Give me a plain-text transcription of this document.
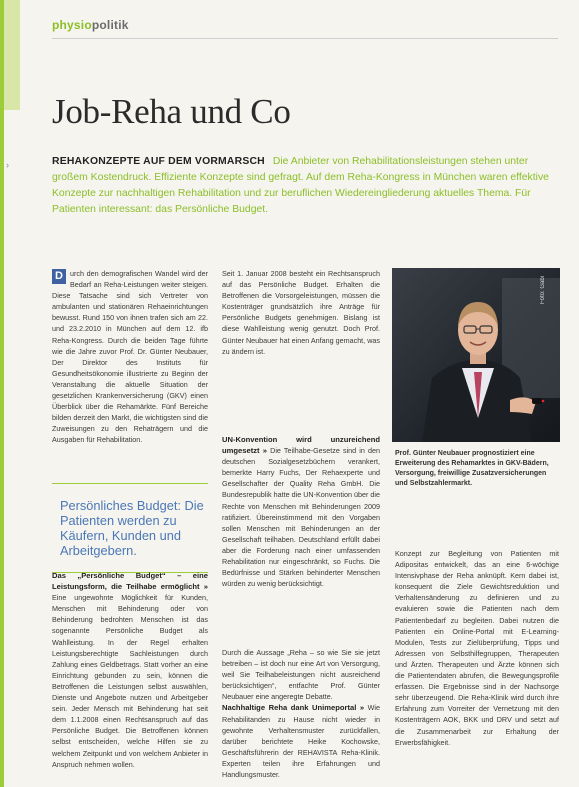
›
physiopolitik
Job-Reha und Co

REHAKONZEPTE AUF DEM VORMARSCH Die Anbieter von Rehabilitationsleistungen stehen unter großem Kostendruck. Effiziente Konzepte sind gefragt. Auf dem Reha-Kongress in München waren effektive Konzepte zur nachhaltigen Rehabilitation und zur beruflichen Wiedereingliederung aktuelles Thema. Für Patienten interessant: das Persönliche Budget.

D urch den demografischen Wandel wird der Bedarf an Reha-Leistungen weiter steigen. Diese Tatsache sind sich Vertreter von ambulanten und stationären Rehaeinrichtungen bewusst. Rund 150 von ihnen trafen sich am 22. und 23.2.2010 in München auf dem 12. ifb Reha-Kongress. Durch die beiden Tage führte wie die Jahre zuvor Prof. Dr. Günter Neubauer, Der Direktor des Instituts für Gesundheitsökonomie illustrierte zu Beginn der Veranstaltung die aktuelle Situation der gesetzlichen Krankenversicherung (GKV) einen Überblick über die Rehamärkte. Fünf Bereiche bilden derzeit den Markt, die wichtigsten sind die Zuweisungen zu den Rehaträgern und die Ausgaben für Rehabilitation.

Persönliches Budget: Die Patienten werden zu Käufern, Kunden und Arbeitgebern.

Das „Persönliche Budget“ – eine Leistungsform, die Teilhabe ermöglicht » Eine ungewohnte Möglichkeit für Kunden, Menschen mit Behinderung oder von Behinderung bedrohten Menschen ist das sogenannte Persönliche Budget als Wahlleistung. In der Regel erhalten Leistungsberechtigte Sachleistungen durch Zahlung eines Geldbetrags. Statt vorher an eine Einrichtung gebunden zu sein, können die Betroffenen die Leistungen selbst auswählen, Dienste und Angebote nutzen und Arbeitgeber sein. Jeder Mensch mit Behinderung hat seit dem 1.1.2008 einen Rechtsanspruch auf das Persönliche Budget. Die Betroffenen können selbst entscheiden, welche Hilfen sie zu welchem Zeitpunkt und von welchem Anbieter in Anspruch nehmen wollen.

Seit 1. Januar 2008 besteht ein Rechtsanspruch auf das Persönliche Budget. Erhalten die Betroffenen die Vorsorgeleistungen, müssen die Kostenträger grundsätzlich ihre Anträge für Persönliche Budgets genehmigen. Bislang ist diese Wahlleistung wenig genutzt. Doch Prof. Günter Neubauer hat einen Anfang gemacht, was zu ändern ist.

UN-Konvention wird unzureichend umgesetzt » Die Teilhabe-Gesetze sind in den deutschen Sozialgesetzbüchern verankert, bemerkte Harry Fuchs, Der Rehaexperte und Gesellschafter der Quality Reha GmbH. Die Bundesrepublik hatte die UN-Konvention über die Rechte von Menschen mit Behinderungen 2009 ratifiziert. Übereinstimmend mit den Vorgaben sollen Menschen mit Behinderungen an der Gesellschaft teilhaben. Deutschland erfüllt dabei aber die Forderung nach einer umfassenden Rehabilitation nur eingeschränkt, so Fuchs. Die Bedürfnisse und Stärken behinderter Menschen würden zu wenig berücksichtigt.

Durch die Aussage „Reha – so wie Sie sie jetzt betreiben – ist doch nur eine Art von Versorgung, weil Sie Teilhabeleistungen nicht ausreichend berücksichtigen“, entfachte Prof. Günter Neubauer eine angeregte Debatte.
Nachhaltige Reha dank Unimeportal » Wie Rehabilitanden zu Hause nicht wieder in gewohnte Verhaltensmuster zurückfallen, darüber berichtete Heike Kochowske, Geschäftsführerin der REHAVISTA Reha-Klinik. Experten teilen ihre Erfahrungen und Handlungsmuster.

Foto: Gabi

Prof. Günter Neubauer prognostiziert eine Erweiterung des Rehamarktes in GKV-Bädern, Versorgung, freiwillige Zusatzversicherungen und Selbstzahlermarkt.

Konzept zur Begleitung von Patienten mit Adipositas entwickelt, das an eine 6-wöchige Intensivphase der Reha anknüpft. Kern dabei ist, konsequent die Ziele Gewichtsreduktion und Verhaltensänderung zu definieren und zu evaluieren sowie die Patienten nach dem Patientenbedarf zu begleiten. Dabei nutzen die Patienten ein Online-Portal mit E-Learning-Modulen, Tests zur Zielüberprüfung, Tipps und Adressen von Selbsthilfegruppen, Therapeuten und Ärzten. Therapeuten und Ärzte können sich die Patientendaten abrufen, die Bewegungsprofile erfassen. Die Ergebnisse sind in der Nachsorge sehr überzeugend. Die Reha-Klinik wird durch ihre Erfahrung zum Vorreiter der Vernetzung mit den Kostenträgern AOK, BKK und DRV und setzt auf die Zusammenarbeit zur Erhaltung der Erwerbsfähigkeit.
